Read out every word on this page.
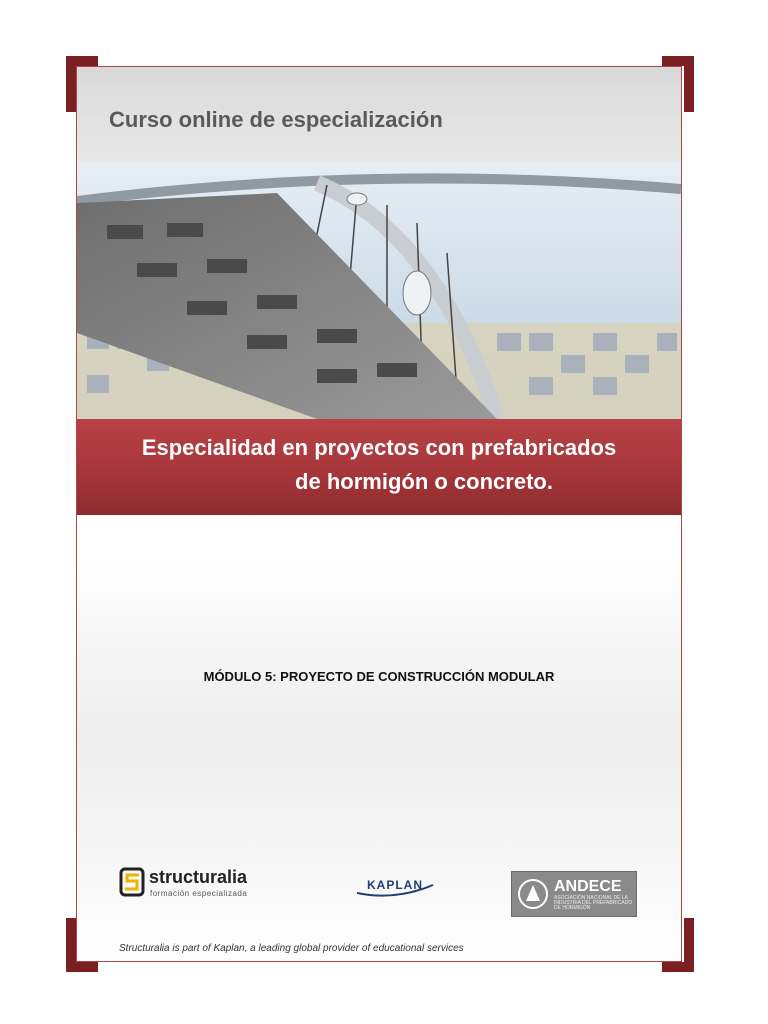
Curso online de especialización
Especialidad en proyectos con prefabricados
de hormigón o concreto.
MÓDULO 5: PROYECTO DE CONSTRUCCIÓN MODULAR
structuralia
formación especializada
KAPLAN	ANDECE
ASOCIACIÓN NACIONAL DE LA INDUSTRIA DEL PREFABRICADO DE HORMIGÓN
Structuralia is part of Kaplan, a leading global provider of educational services
